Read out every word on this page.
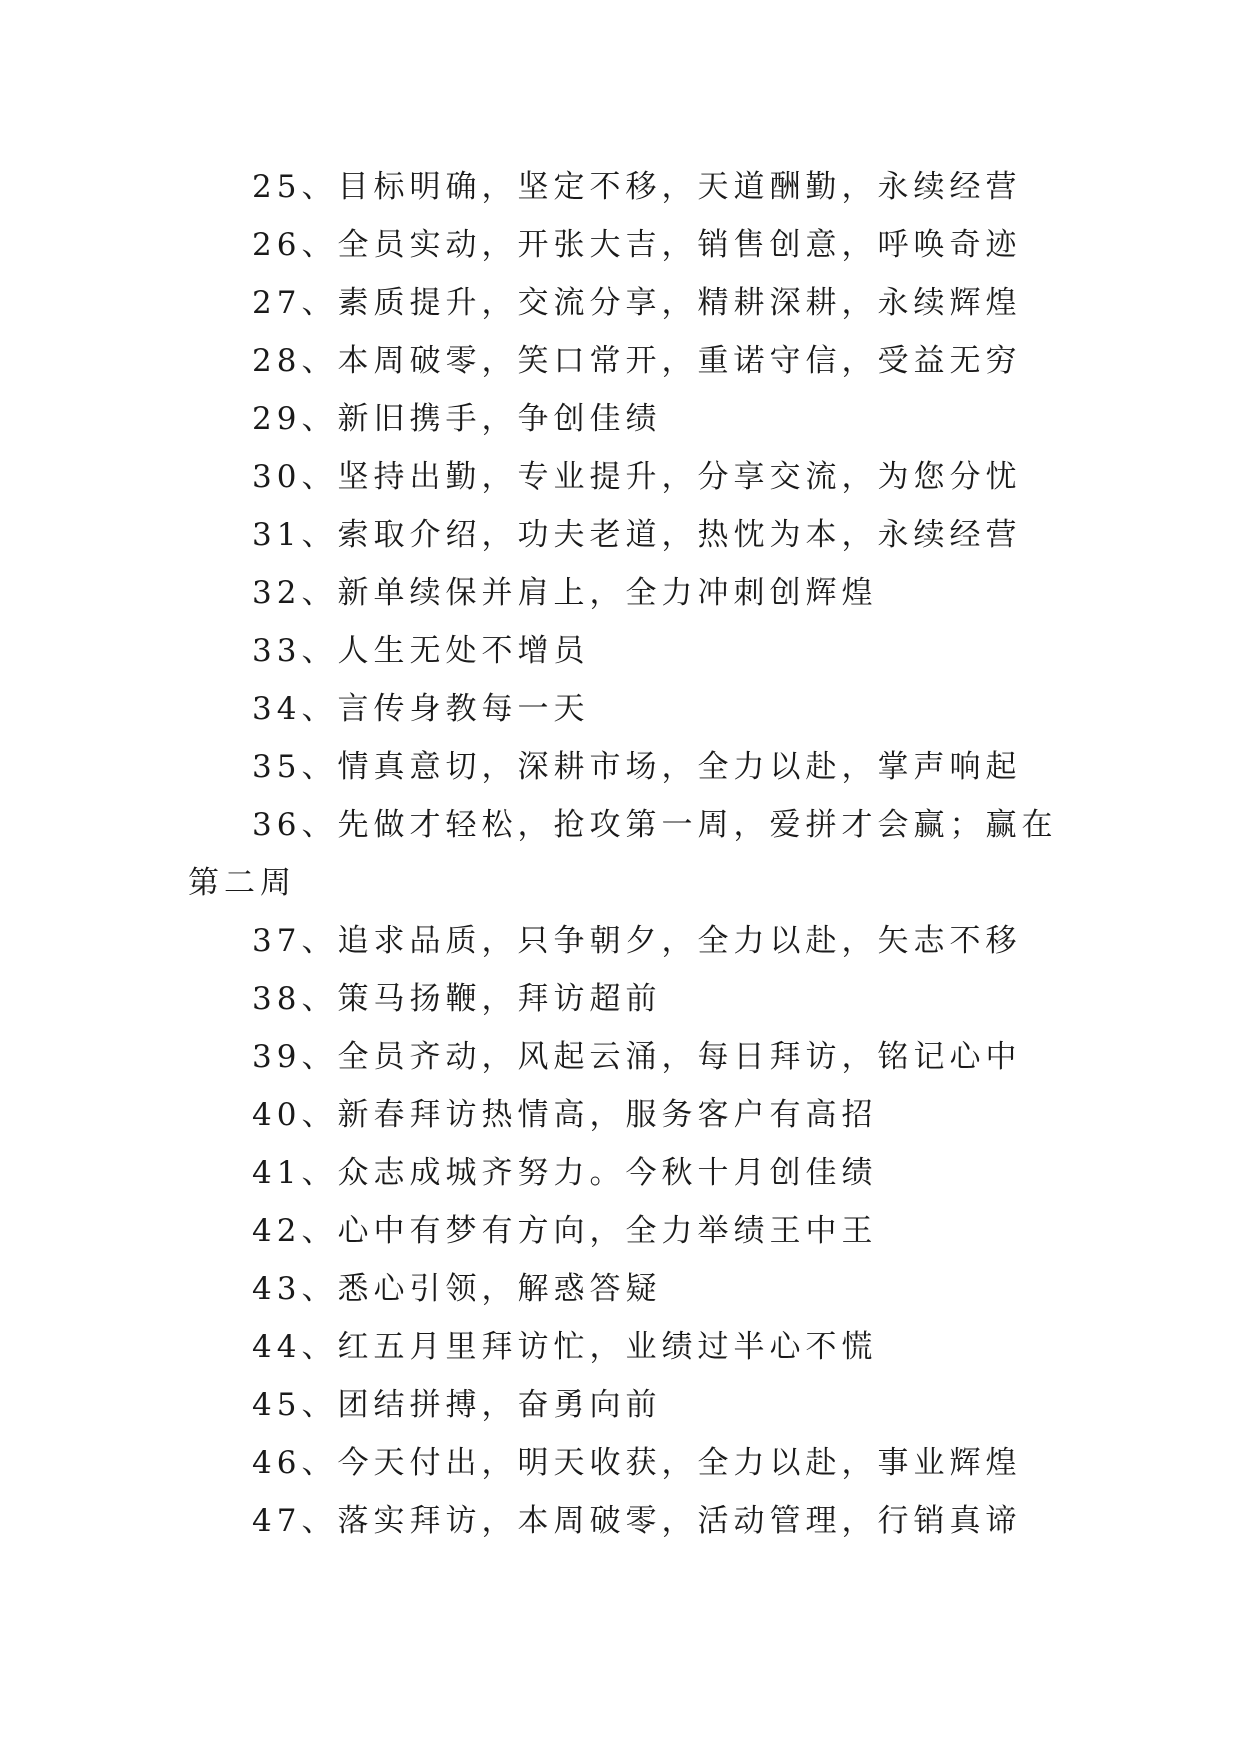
25、目标明确，坚定不移，天道酬勤，永续经营
26、全员实动，开张大吉，销售创意，呼唤奇迹
27、素质提升，交流分享，精耕深耕，永续辉煌
28、本周破零，笑口常开，重诺守信，受益无穷
29、新旧携手，争创佳绩
30、坚持出勤，专业提升，分享交流，为您分忧
31、索取介绍，功夫老道，热忱为本，永续经营
32、新单续保并肩上，全力冲刺创辉煌
33、人生无处不增员
34、言传身教每一天
35、情真意切，深耕市场，全力以赴，掌声响起
36、先做才轻松，抢攻第一周，爱拼才会赢；赢在第二周
37、追求品质，只争朝夕，全力以赴，矢志不移
38、策马扬鞭，拜访超前
39、全员齐动，风起云涌，每日拜访，铭记心中
40、新春拜访热情高，服务客户有高招
41、众志成城齐努力。今秋十月创佳绩
42、心中有梦有方向，全力举绩王中王
43、悉心引领，解惑答疑
44、红五月里拜访忙，业绩过半心不慌
45、团结拼搏，奋勇向前
46、今天付出，明天收获，全力以赴，事业辉煌
47、落实拜访，本周破零，活动管理，行销真谛
